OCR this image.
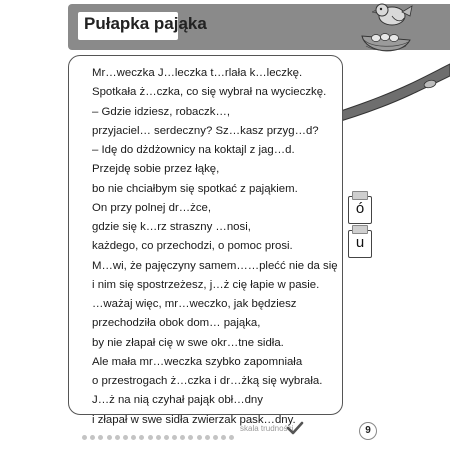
Pułapka pająka
Mr…weczka J…leczka t…rlała k…leczkę.
Spotkała ż…czka, co się wybrał na wycieczkę.
– Gdzie idziesz, robaczk…,
przyjaciel… serdeczny? Sz…kasz przyg…d?
– Idę do dżdżownicy na koktajl z jag…d.
Przejdę sobie przez łąkę,
bo nie chciałbym się spotkać z pająkiem.
On przy polnej dr…żce,
gdzie się k…rz straszny …nosi,
każdego, co przechodzi, o pomoc prosi.
M…wi, że pajęczyny samem……plećć nie da się
i nim się spostrzeżesz, j…ż cię łapie w pasie.
…ważaj więc, mr…weczko, jak będziesz
przechodziła obok dom… pająka,
by nie złapał cię w swe okr…tne sidła.
Ale mała mr…weczka szybko zapomniała
o przestrogach ż…czka i dr…żką się wybrała.
J…ż na nią czyhał pająk obł…dny
i złapał w swe sidła zwierzak pask…dny.
ó
u
skala trudności	9
